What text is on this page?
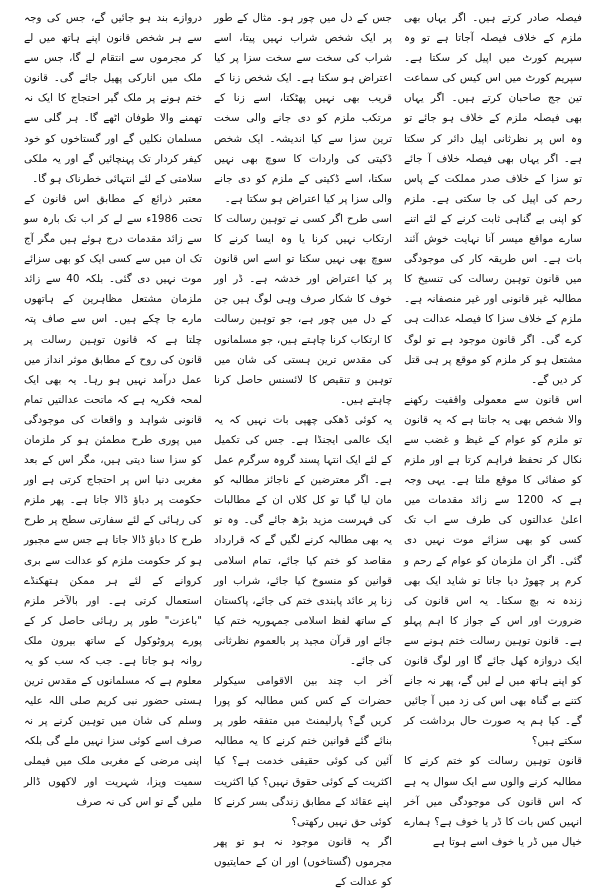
فیصلہ صادر کرتے ہیں۔ اگر یہاں بھی ملزم کے خلاف فیصلہ آجاتا ہے تو وہ سپریم کورٹ میں اپیل کر سکتا ہے۔ سپریم کورٹ میں اس کیس کی سماعت تین جج صاحبان کرتے ہیں۔ اگر یہاں بھی فیصلہ ملزم کے خلاف ہو جائے تو وہ اس پر نظرثانی اپیل دائر کر سکتا ہے۔ اگر یہاں بھی فیصلہ خلاف آ جائے تو سزا کے خلاف صدر مملکت کے پاس رحم کی اپیل کی جا سکتی ہے۔ ملزم کو اپنی بے گناہی ثابت کرنے کے لئے اتنے سارے مواقع میسر آنا نہایت خوش آئند بات ہے۔ اس طریقہ کار کی موجودگی میں قانون توہین رسالت کی تنسیخ کا مطالبہ غیر قانونی اور غیر منصفانہ ہے۔ ملزم کے خلاف سزا کا فیصلہ عدالت ہی کرے گی۔ اگر قانون موجود ہے تو لوگ مشتعل ہو کر ملزم کو موقع پر ہی قتل کر دیں گے۔

اس قانون سے معمولی واقفیت رکھنے والا شخص بھی یہ جانتا ہے کہ یہ قانون تو ملزم کو عوام کے غیظ و غضب سے نکال کر تحفظ فراہم کرتا ہے اور ملزم کو صفائی کا موقع ملتا ہے۔ یہی وجہ ہے کہ 1200 سے زائد مقدمات میں اعلیٰ عدالتوں کی طرف سے اب تک کسی کو بھی سزائے موت نہیں دی گئی۔ اگر ان ملزمان کو عوام کے رحم و کرم پر چھوڑ دیا جاتا تو شاید ایک بھی زندہ نہ بچ سکتا۔ یہ اس قانون کی ضرورت اور اس کے جواز کا اہم پہلو ہے۔ قانون توہین رسالت ختم ہونے سے ایک دروازہ کھل جائے گا اور لوگ قانون کو اپنے ہاتھ میں لے لیں گے، پھر نہ جانے کتنے بے گناہ بھی اس کی زد میں آ جائیں گے۔ کیا ہم یہ صورت حال برداشت کر سکتے ہیں؟

قانون توہین رسالت کو ختم کرنے کا مطالبہ کرنے والوں سے ایک سوال یہ ہے کہ اس قانون کی موجودگی میں آخر انہیں کس بات کا ڈر یا خوف ہے؟ ہمارے خیال میں ڈر یا خوف اسے ہوتا ہے

جس کے دل میں چور ہو۔ مثال کے طور پر ایک شخص شراب نہیں پیتا، اسے شراب کی سخت سے سخت سزا پر کیا اعتراض ہو سکتا ہے۔ ایک شخص زنا کے قریب بھی نہیں پھٹکتا، اسے زنا کے مرتکب ملزم کو دی جانے والی سخت ترین سزا سے کیا اندیشہ۔ ایک شخص ڈکیتی کی واردات کا سوچ بھی نہیں سکتا، اسے ڈکیتی کے ملزم کو دی جانے والی سزا پر کیا اعتراض ہو سکتا ہے۔

اسی طرح اگر کسی نے توہین رسالت کا ارتکاب نہیں کرنا یا وہ ایسا کرنے کا سوچ بھی نہیں سکتا تو اسے اس قانون پر کیا اعتراض اور خدشہ ہے۔ ڈر اور خوف کا شکار صرف وہی لوگ ہیں جن کے دل میں چور ہے، جو توہین رسالت کا ارتکاب کرنا چاہتے ہیں، جو مسلمانوں کی مقدس ترین ہستی کی شان میں توہین و تنقیص کا لائسنس حاصل کرنا چاہتے ہیں۔

یہ کوئی ڈھکی چھپی بات نہیں کہ یہ ایک عالمی ایجنڈا ہے۔ جس کی تکمیل کے لئے ایک انتہا پسند گروہ سرگرم عمل ہے۔ اگر معترضین کے ناجائز مطالبہ کو مان لیا گیا تو کل کلاں ان کے مطالبات کی فہرست مزید بڑھ جائے گی۔ وہ تو یہ بھی مطالبہ کرنے لگیں گے کہ قرارداد مقاصد کو ختم کیا جائے، تمام اسلامی قوانین کو منسوخ کیا جائے، شراب اور زنا پر عائد پابندی ختم کی جائے، پاکستان کے ساتھ لفظ اسلامی جمہوریہ ختم کیا جائے اور قرآن مجید پر بالعموم نظرثانی کی جائے۔

آخر اب چند بین الاقوامی سیکولر حضرات کے کس کس مطالبہ کو پورا کریں گے؟ پارلیمنٹ میں متفقہ طور پر بنائے گئے قوانین ختم کرنے کا یہ مطالبہ آئین کی کوئی حقیقی خدمت ہے؟ کیا اکثریت کے کوئی حقوق نہیں؟ کیا اکثریت اپنے عقائد کے مطابق زندگی بسر کرنے کا کوئی حق نہیں رکھتی؟

اگر یہ قانون موجود نہ ہو تو پھر مجرموں (گستاخوں) اور ان کے حمایتیوں کو عدالت کے

دروازے بند ہو جائیں گے، جس کی وجہ سے ہر شخص قانون اپنے ہاتھ میں لے کر مجرموں سے انتقام لے گا، جس سے ملک میں انارکی پھیل جائے گی۔ قانون ختم ہونے پر ملک گیر احتجاج کا ایک نہ تھمنے والا طوفان اٹھے گا۔ ہر گلی سے مسلمان نکلیں گے اور گستاخوں کو خود کیفر کردار تک پہنچائیں گے اور یہ ملکی سلامتی کے لئے انتہائی خطرناک ہو گا۔

معتبر ذرائع کے مطابق اس قانون کے تحت 1986ء سے لے کر اب تک بارہ سو سے زائد مقدمات درج ہوئے ہیں مگر آج تک ان میں سے کسی ایک کو بھی سزائے موت نہیں دی گئی۔ بلکہ 40 سے زائد ملزمان مشتعل مظاہرین کے ہاتھوں مارے جا چکے ہیں۔ اس سے صاف پتہ چلتا ہے کہ قانون توہین رسالت پر قانون کی روح کے مطابق موثر انداز میں عمل درآمد نہیں ہو رہا۔ یہ بھی ایک لمحہ فکریہ ہے کہ ماتحت عدالتیں تمام قانونی شواہد و واقعات کی موجودگی میں پوری طرح مطمئن ہو کر ملزمان کو سزا سنا دیتی ہیں، مگر اس کے بعد مغربی دنیا اس پر احتجاج کرتی ہے اور حکومت پر دباؤ ڈالا جاتا ہے۔ پھر ملزم کی رہائی کے لئے سفارتی سطح پر طرح طرح کا دباؤ ڈالا جاتا ہے جس سے مجبور ہو کر حکومت ملزم کو عدالت سے بری کروانے کے لئے ہر ممکن ہتھکنڈے استعمال کرتی ہے۔ اور بالآخر ملزم "باعزت" طور پر رہائی حاصل کر کے پورے پروٹوکول کے ساتھ بیرون ملک روانہ ہو جاتا ہے۔ جب کہ سب کو یہ معلوم ہے کہ مسلمانوں کے مقدس ترین ہستی حضور نبی کریم صلی اللہ علیہ وسلم کی شان میں توہین کرنے پر نہ صرف اسے کوئی سزا نہیں ملے گی بلکہ اپنی مرضی کے مغربی ملک میں فیملی سمیت ویزا، شہریت اور لاکھوں ڈالر ملیں گے تو اس کی نہ صرف
